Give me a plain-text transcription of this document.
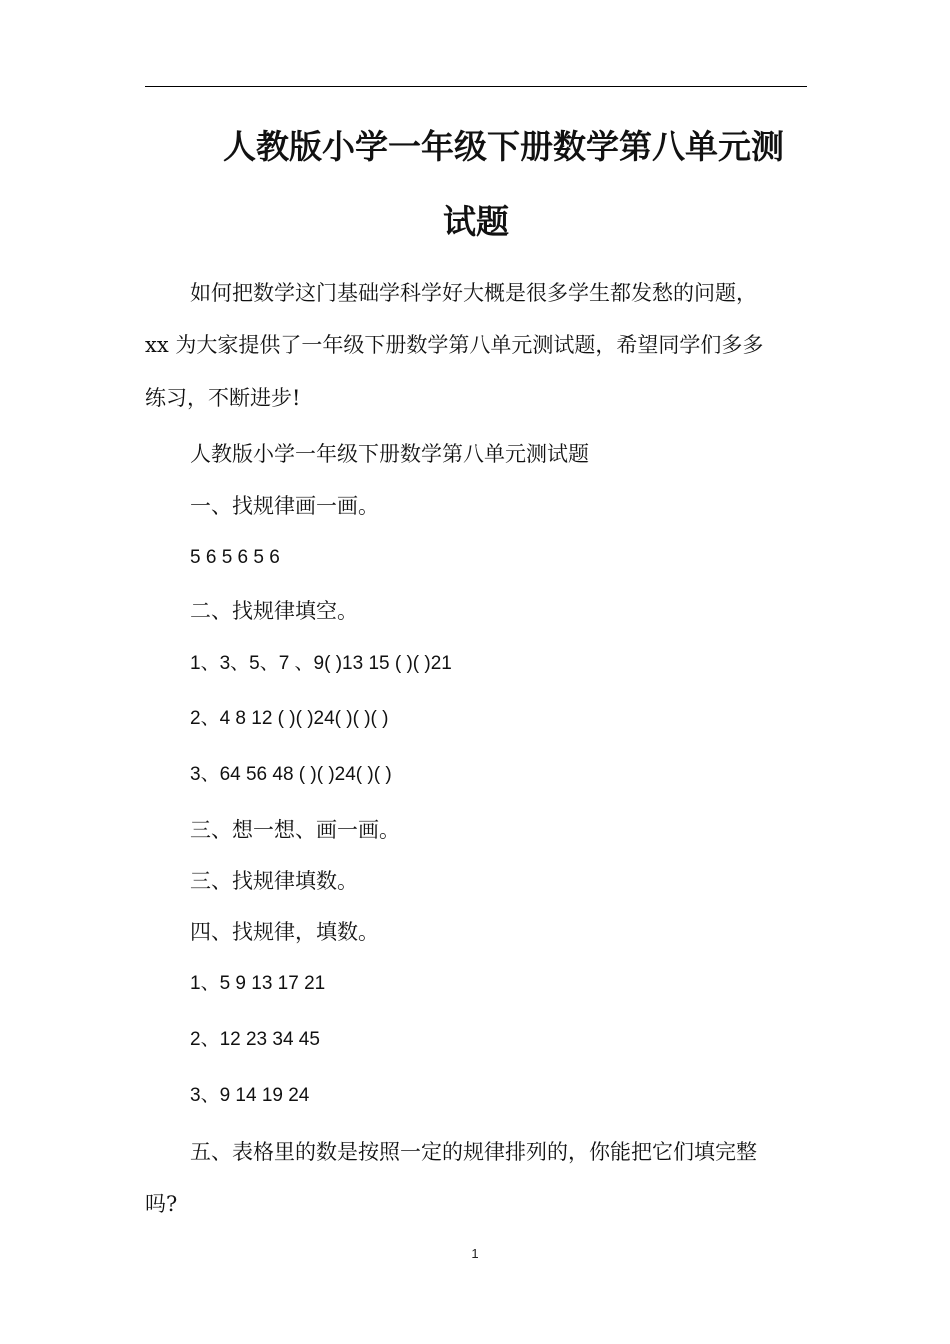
人教版小学一年级下册数学第八单元测
试题
如何把数学这门基础学科学好大概是很多学生都发愁的问题，
xx 为大家提供了一年级下册数学第八单元测试题，希望同学们多多
练习，不断进步!
人教版小学一年级下册数学第八单元测试题
一、找规律画一画。
5 6 5 6 5 6
二、找规律填空。
1、3、5、7 、9( )13 15 ( )( )21
2、4 8 12 ( )( )24( )( )( )
3、64 56 48 ( )( )24( )( )
三、想一想、画一画。
三、找规律填数。
四、找规律，填数。
1、5 9 13 17 21
2、12 23 34 45
3、9 14 19 24
五、表格里的数是按照一定的规律排列的，你能把它们填完整
吗?
1
